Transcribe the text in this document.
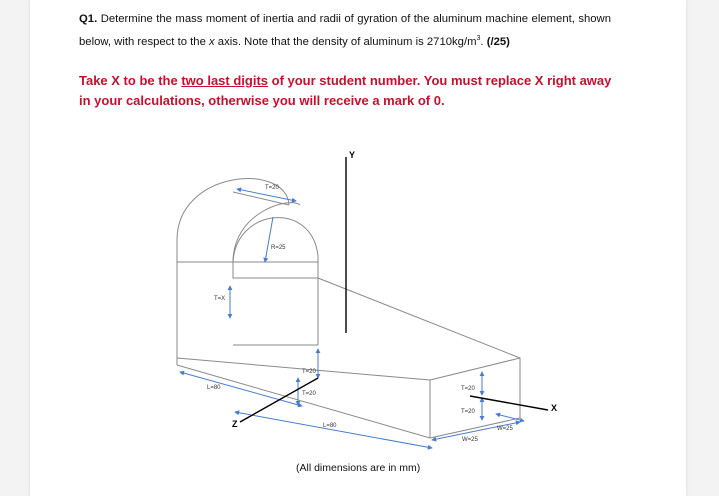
Q1. Determine the mass moment of inertia and radii of gyration of the aluminum machine element, shown below, with respect to the x axis. Note that the density of aluminum is $2710kg/m^3$. (/25)

Take X to be the two last digits of your student number. You must replace X right away in your calculations, otherwise you will receive a mark of 0.

T=20
R=25
T=X
L=80
T=20
T=20
L=80
T=20
T=20
W=25
W=25
Y
X
Z
(All dimensions are in mm)
